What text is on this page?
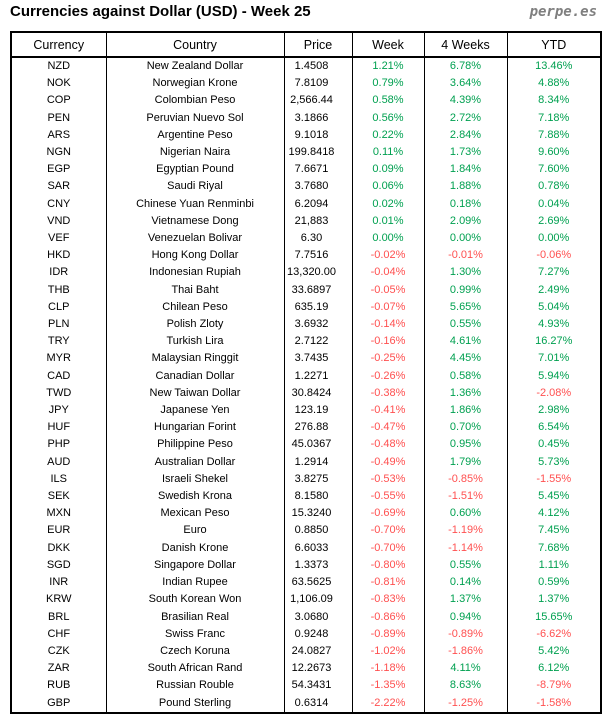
Currencies against Dollar (USD) - Week 25	perpe.es
Currency	Country	Price	Week	4 Weeks	YTD
NZD	New Zealand Dollar	1.4508	1.21%	6.78%	13.46%
NOK	Norwegian Krone	7.8109	0.79%	3.64%	4.88%
COP	Colombian Peso	2,566.44	0.58%	4.39%	8.34%
PEN	Peruvian Nuevo Sol	3.1866	0.56%	2.72%	7.18%
ARS	Argentine Peso	9.1018	0.22%	2.84%	7.88%
NGN	Nigerian Naira	199.8418	0.11%	1.73%	9.60%
EGP	Egyptian Pound	7.6671	0.09%	1.84%	7.60%
SAR	Saudi Riyal	3.7680	0.06%	1.88%	0.78%
CNY	Chinese Yuan Renminbi	6.2094	0.02%	0.18%	0.04%
VND	Vietnamese Dong	21,883	0.01%	2.09%	2.69%
VEF	Venezuelan Bolivar	6.30	0.00%	0.00%	0.00%
HKD	Hong Kong Dollar	7.7516	-0.02%	-0.01%	-0.06%
IDR	Indonesian Rupiah	13,320.00	-0.04%	1.30%	7.27%
THB	Thai Baht	33.6897	-0.05%	0.99%	2.49%
CLP	Chilean Peso	635.19	-0.07%	5.65%	5.04%
PLN	Polish Zloty	3.6932	-0.14%	0.55%	4.93%
TRY	Turkish Lira	2.7122	-0.16%	4.61%	16.27%
MYR	Malaysian Ringgit	3.7435	-0.25%	4.45%	7.01%
CAD	Canadian Dollar	1.2271	-0.26%	0.58%	5.94%
TWD	New Taiwan Dollar	30.8424	-0.38%	1.36%	-2.08%
JPY	Japanese Yen	123.19	-0.41%	1.86%	2.98%
HUF	Hungarian Forint	276.88	-0.47%	0.70%	6.54%
PHP	Philippine Peso	45.0367	-0.48%	0.95%	0.45%
AUD	Australian Dollar	1.2914	-0.49%	1.79%	5.73%
ILS	Israeli Shekel	3.8275	-0.53%	-0.85%	-1.55%
SEK	Swedish Krona	8.1580	-0.55%	-1.51%	5.45%
MXN	Mexican Peso	15.3240	-0.69%	0.60%	4.12%
EUR	Euro	0.8850	-0.70%	-1.19%	7.45%
DKK	Danish Krone	6.6033	-0.70%	-1.14%	7.68%
SGD	Singapore Dollar	1.3373	-0.80%	0.55%	1.11%
INR	Indian Rupee	63.5625	-0.81%	0.14%	0.59%
KRW	South Korean Won	1,106.09	-0.83%	1.37%	1.37%
BRL	Brasilian Real	3.0680	-0.86%	0.94%	15.65%
CHF	Swiss Franc	0.9248	-0.89%	-0.89%	-6.62%
CZK	Czech Koruna	24.0827	-1.02%	-1.86%	5.42%
ZAR	South African Rand	12.2673	-1.18%	4.11%	6.12%
RUB	Russian Rouble	54.3431	-1.35%	8.63%	-8.79%
GBP	Pound Sterling	0.6314	-2.22%	-1.25%	-1.58%
